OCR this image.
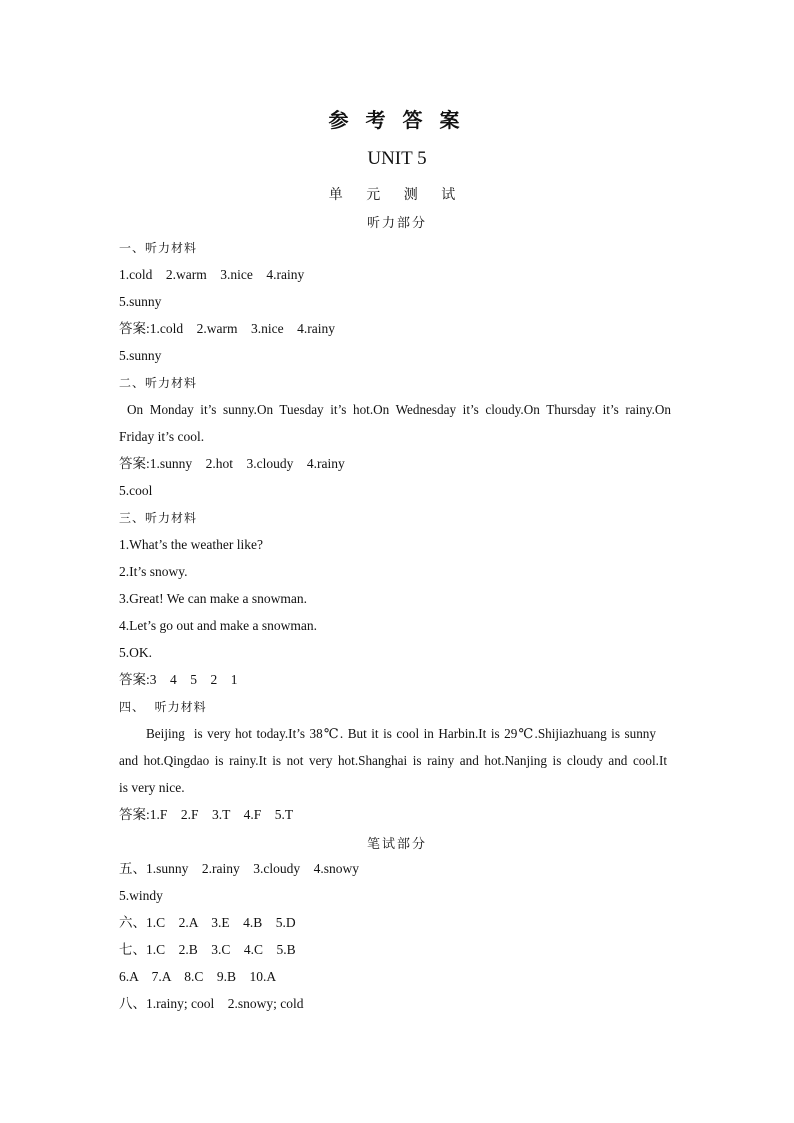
参 考 答 案
UNIT 5
单 元 测 试
听力部分
一、听力材料
1.cold    2.warm    3.nice    4.rainy
5.sunny
答案:1.cold    2.warm    3.nice    4.rainy
5.sunny
二、听力材料
On Monday it’s sunny.On Tuesday it’s hot.On Wednesday it’s cloudy.On Thursday it’s rainy.On
Friday it’s cool.
答案:1.sunny    2.hot    3.cloudy    4.rainy
5.cool
三、听力材料
1.What’s the weather like?
2.It’s snowy.
3.Great! We can make a snowman.
4.Let’s go out and make a snowman.
5.OK.
答案:3    4    5    2    1
四、  听力材料
Beijing  is very hot today.It’s 38℃. But it is cool in Harbin.It is 29℃.Shijiazhuang is sunny
and hot.Qingdao is rainy.It is not very hot.Shanghai is rainy and hot.Nanjing is cloudy and cool.It
is very nice.
答案:1.F    2.F    3.T    4.F    5.T
笔试部分
五、1.sunny    2.rainy    3.cloudy    4.snowy
5.windy
六、1.C    2.A    3.E    4.B    5.D
七、1.C    2.B    3.C    4.C    5.B
6.A    7.A    8.C    9.B    10.A
八、1.rainy; cool    2.snowy; cold
